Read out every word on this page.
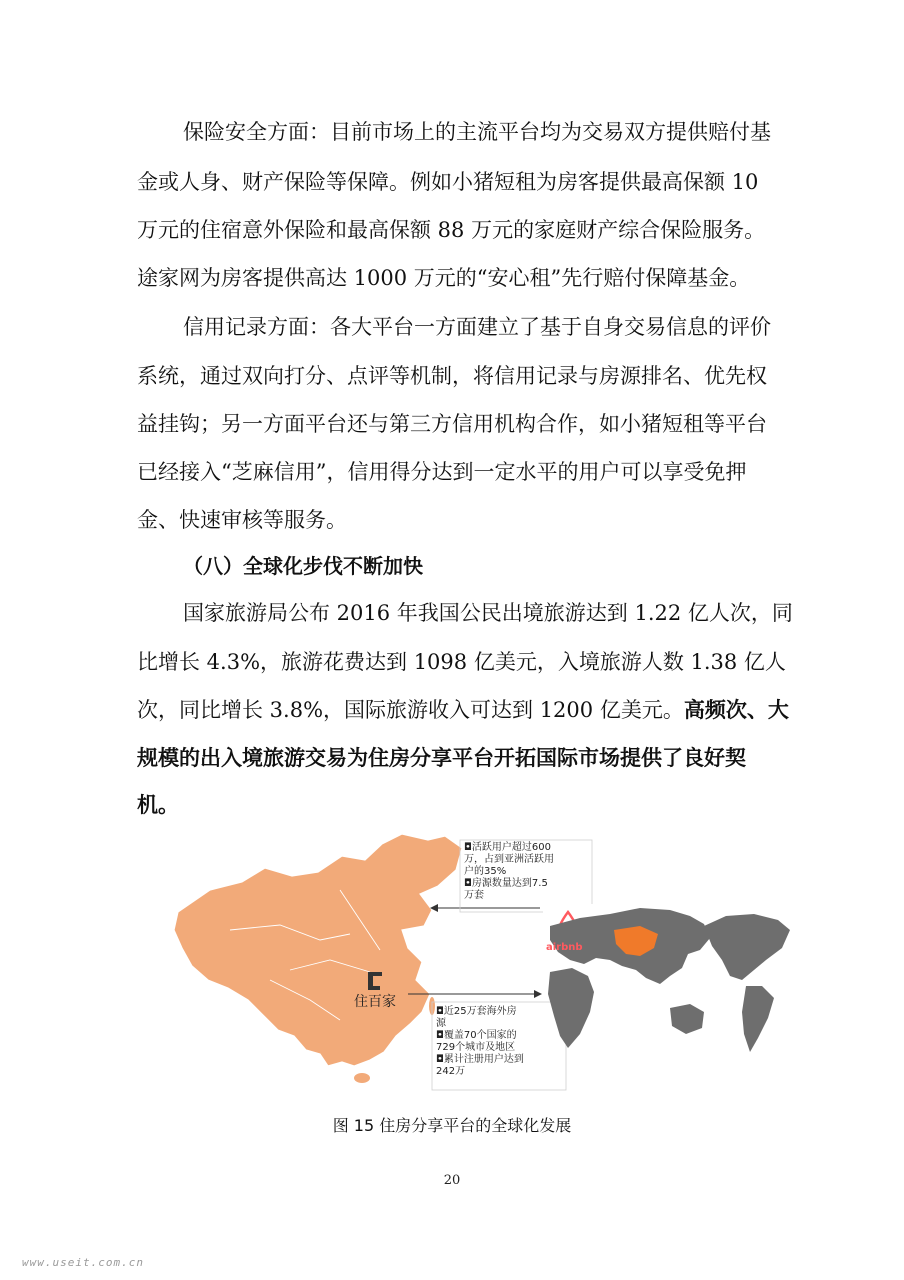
保险安全方面：目前市场上的主流平台均为交易双方提供赔付基
金或人身、财产保险等保障。例如小猪短租为房客提供最高保额 10
万元的住宿意外保险和最高保额 88 万元的家庭财产综合保险服务。
途家网为房客提供高达 1000 万元的“安心租”先行赔付保障基金。
信用记录方面：各大平台一方面建立了基于自身交易信息的评价
系统，通过双向打分、点评等机制，将信用记录与房源排名、优先权
益挂钩；另一方面平台还与第三方信用机构合作，如小猪短租等平台
已经接入“芝麻信用”，信用得分达到一定水平的用户可以享受免押
金、快速审核等服务。
（八）全球化步伐不断加快
国家旅游局公布 2016 年我国公民出境旅游达到 1.22 亿人次，同
比增长 4.3%，旅游花费达到 1098 亿美元，入境旅游人数 1.38 亿人
次，同比增长 3.8%，国际旅游收入可达到 1200 亿美元。高频次、大
规模的出入境旅游交易为住房分享平台开拓国际市场提供了良好契
机。
◘活跃用户超过600
万，占到亚洲活跃用
户的35%
◘房源数量达到7.5
万套
airbnb
住百家
◘近25万套海外房
源
◘覆盖70个国家的
729个城市及地区
◘累计注册用户达到
242万
图 15 住房分享平台的全球化发展
20
www.useit.com.cn
